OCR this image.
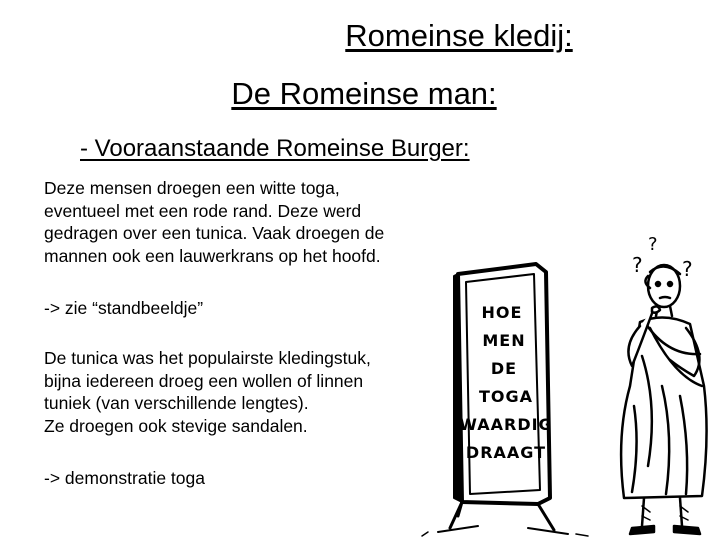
Romeinse kledij:
De Romeinse man:
- Vooraanstaande Romeinse Burger:
Deze mensen droegen een witte toga,
eventueel met een rode rand. Deze werd
gedragen over een tunica. Vaak droegen de
mannen ook een lauwerkrans op het hoofd.
-> zie “standbeeldje”
De tunica was het populairste kledingstuk,
bijna iedereen droeg een wollen of linnen
tuniek (van verschillende lengtes).
Ze droegen ook stevige sandalen.
-> demonstratie toga
HOE
MEN
DE
TOGA
WAARDIG
DRAAGT
?
?
?
